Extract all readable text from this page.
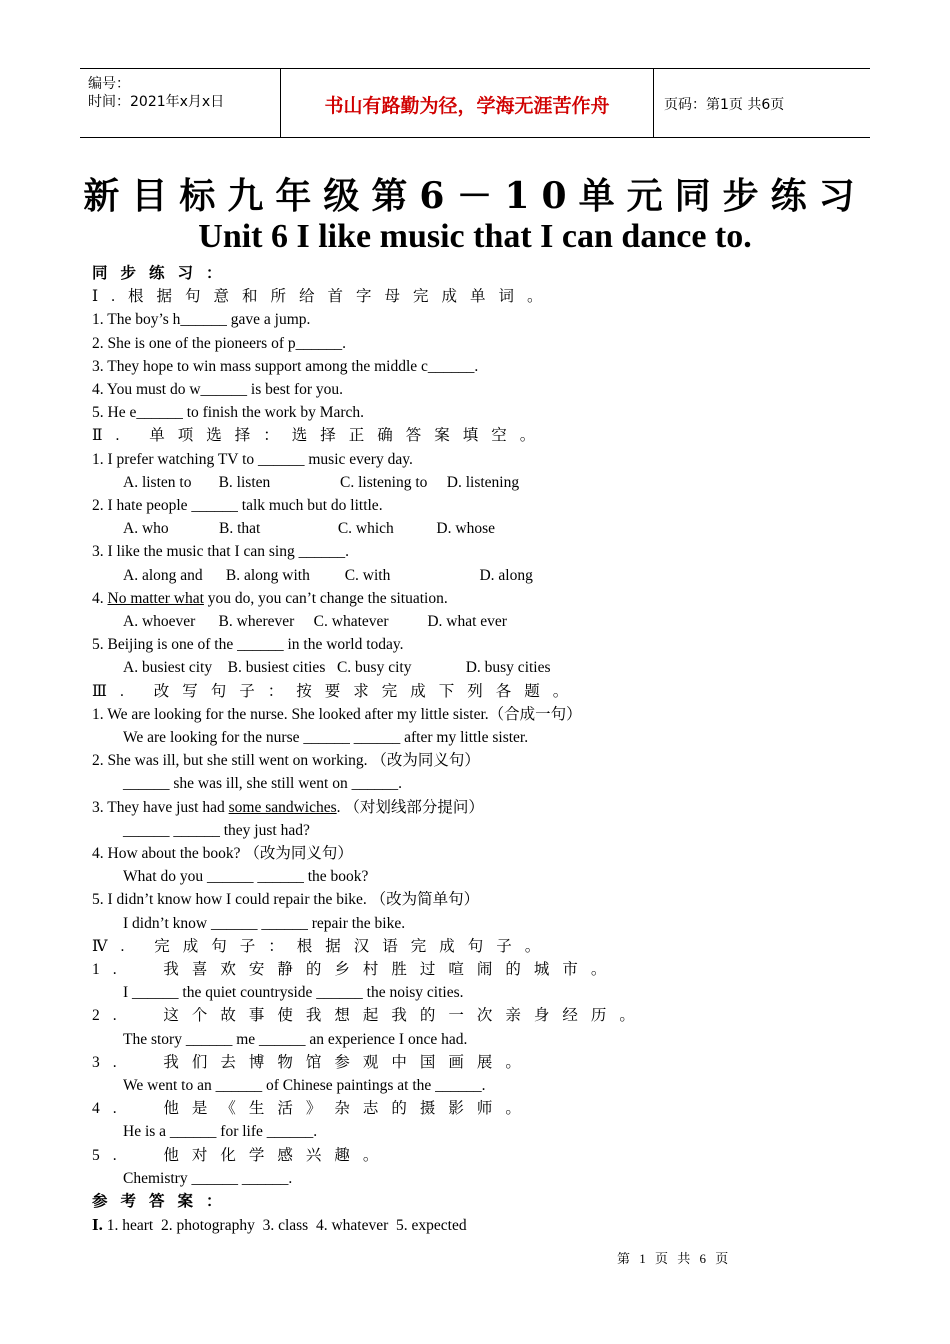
编号：
时间：2021年x月x日	书山有路勤为径，学海无涯苦作舟	页码：第1页 共6页
新目标九年级第6－10单元同步练习
Unit 6 I like music that I can dance to.
同步练习：
Ⅰ.根据句意和所给首字母完成单词。
1. The boy’s h______ gave a jump.
2. She is one of the pioneers of p______.
3. They hope to win mass support among the middle c______.
4. You must do w______ is best for you.
5. He e______ to finish the work by March.
Ⅱ. 单项选择：选择正确答案填空。
1. I prefer watching TV to ______ music every day.
A. listen to       B. listen                  C. listening to     D. listening
2. I hate people ______ talk much but do little.
A. who             B. that                    C. which           D. whose
3. I like the music that I can sing ______.
A. along and      B. along with         C. with                       D. along
4. No matter what you do, you can’t change the situation.
A. whoever      B. wherever     C. whatever          D. what ever
5. Beijing is one of the ______ in the world today.
A. busiest city    B. busiest cities   C. busy city              D. busy cities
Ⅲ. 改写句子：按要求完成下列各题。
1. We are looking for the nurse. She looked after my little sister.（合成一句）
We are looking for the nurse ______ ______ after my little sister.
2. She was ill, but she still went on working. （改为同义句）
______ she was ill, she still went on ______.
3. They have just had some sandwiches. （对划线部分提问）
______ ______ they just had?
4. How about the book? （改为同义句）
What do you ______ ______ the book?
5. I didn’t know how I could repair the bike. （改为简单句）
I didn’t know ______ ______ repair the bike.
Ⅳ. 完成句子：根据汉语完成句子。
1.  我喜欢安静的乡村胜过喧闹的城市。
I ______ the quiet countryside ______ the noisy cities.
2.  这个故事使我想起我的一次亲身经历。
The story ______ me ______ an experience I once had.
3.  我们去博物馆参观中国画展。
We went to an ______ of Chinese paintings at the ______.
4.  他是《生活》杂志的摄影师。
He is a ______ for life ______.
5.  他对化学感兴趣。
Chemistry ______ ______.
参考答案：
I. 1. heart  2. photography  3. class  4. whatever  5. expected
第 1 页 共 6 页
